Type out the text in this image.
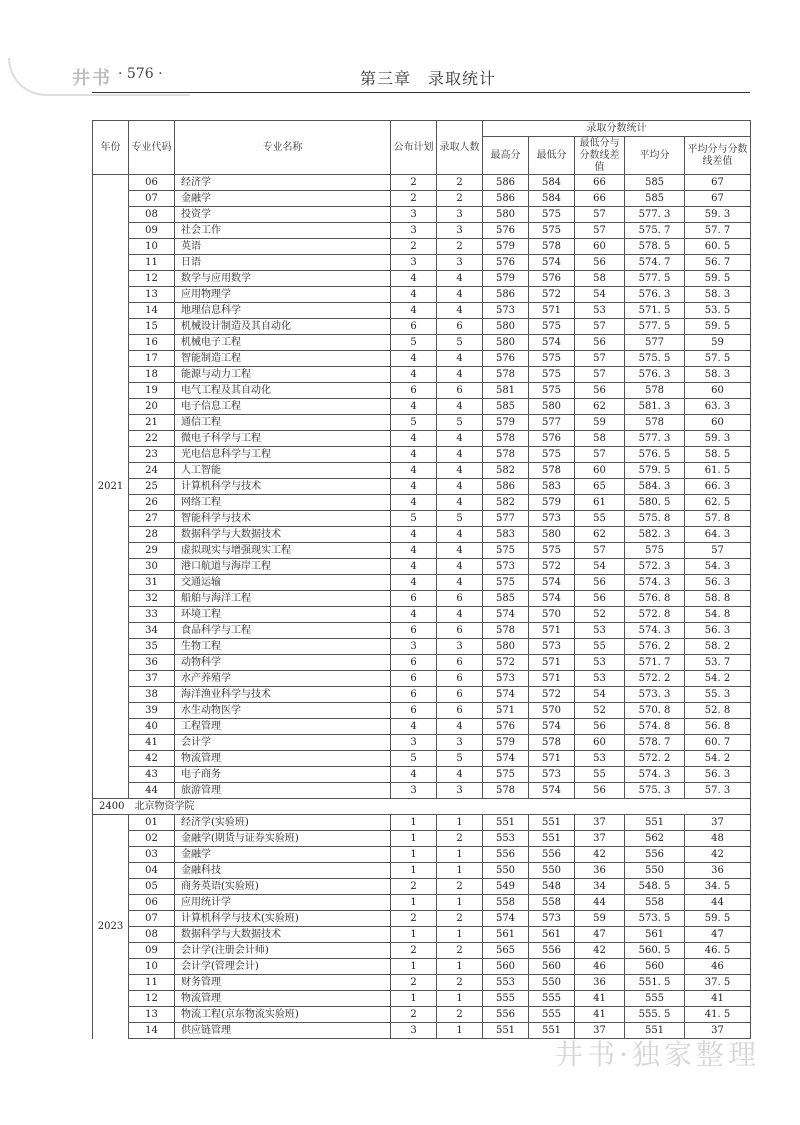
井书 · 576 ·	第三章　录取统计
年份	专业代码	专业名称	公布计划	录取人数	录取分数统计				
					最高分	最低分	最低分与分数线差值	平均分	平均分与分数线差值
2021	06	经济学	2	2	586	584	66	585	67
	07	金融学	2	2	586	584	66	585	67
	08	投资学	3	3	580	575	57	577. 3	59. 3
	09	社会工作	3	3	576	575	57	575. 7	57. 7
	10	英语	2	2	579	578	60	578. 5	60. 5
	11	日语	3	3	576	574	56	574. 7	56. 7
	12	数学与应用数学	4	4	579	576	58	577. 5	59. 5
	13	应用物理学	4	4	586	572	54	576. 3	58. 3
	14	地理信息科学	4	4	573	571	53	571. 5	53. 5
	15	机械设计制造及其自动化	6	6	580	575	57	577. 5	59. 5
	16	机械电子工程	5	5	580	574	56	577	59
	17	智能制造工程	4	4	576	575	57	575. 5	57. 5
	18	能源与动力工程	4	4	578	575	57	576. 3	58. 3
	19	电气工程及其自动化	6	6	581	575	56	578	60
	20	电子信息工程	4	4	585	580	62	581. 3	63. 3
	21	通信工程	5	5	579	577	59	578	60
	22	微电子科学与工程	4	4	578	576	58	577. 3	59. 3
	23	光电信息科学与工程	4	4	578	575	57	576. 5	58. 5
	24	人工智能	4	4	582	578	60	579. 5	61. 5
	25	计算机科学与技术	4	4	586	583	65	584. 3	66. 3
	26	网络工程	4	4	582	579	61	580. 5	62. 5
	27	智能科学与技术	5	5	577	573	55	575. 8	57. 8
	28	数据科学与大数据技术	4	4	583	580	62	582. 3	64. 3
	29	虚拟现实与增强现实工程	4	4	575	575	57	575	57
	30	港口航道与海岸工程	4	4	573	572	54	572. 3	54. 3
	31	交通运输	4	4	575	574	56	574. 3	56. 3
	32	船舶与海洋工程	6	6	585	574	56	576. 8	58. 8
	33	环境工程	4	4	574	570	52	572. 8	54. 8
	34	食品科学与工程	6	6	578	571	53	574. 3	56. 3
	35	生物工程	3	3	580	573	55	576. 2	58. 2
	36	动物科学	6	6	572	571	53	571. 7	53. 7
	37	水产养殖学	6	6	573	571	53	572. 2	54. 2
	38	海洋渔业科学与技术	6	6	574	572	54	573. 3	55. 3
	39	水生动物医学	6	6	571	570	52	570. 8	52. 8
	40	工程管理	4	4	576	574	56	574. 8	56. 8
	41	会计学	3	3	579	578	60	578. 7	60. 7
	42	物流管理	5	5	574	571	53	572. 2	54. 2
	43	电子商务	4	4	575	573	55	574. 3	56. 3
	44	旅游管理	3	3	578	574	56	575. 3	57. 3
2400　北京物资学院									
2023	01	经济学(实验班)	1	1	551	551	37	551	37
	02	金融学(期货与证券实验班)	1	2	553	551	37	562	48
	03	金融学	1	1	556	556	42	556	42
	04	金融科技	1	1	550	550	36	550	36
	05	商务英语(实验班)	2	2	549	548	34	548. 5	34. 5
	06	应用统计学	1	1	558	558	44	558	44
	07	计算机科学与技术(实验班)	2	2	574	573	59	573. 5	59. 5
	08	数据科学与大数据技术	1	1	561	561	47	561	47
	09	会计学(注册会计师)	2	2	565	556	42	560. 5	46. 5
	10	会计学(管理会计)	1	1	560	560	46	560	46
	11	财务管理	2	2	553	550	36	551. 5	37. 5
	12	物流管理	1	1	555	555	41	555	41
	13	物流工程(京东物流实验班)	2	2	556	555	41	555. 5	41. 5
	14	供应链管理	3	1	551	551	37	551	37
井书·独家整理
